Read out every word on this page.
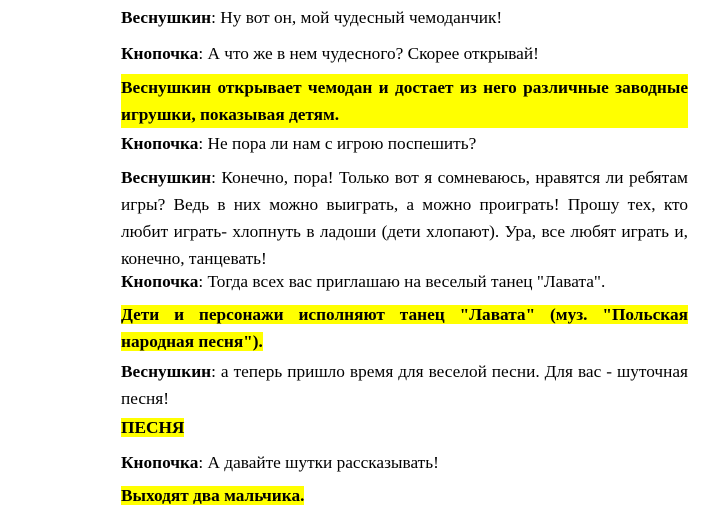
Веснушкин: Ну вот он, мой чудесный чемоданчик!

Кнопочка: А что же в нем чудесного? Скорее открывай!

Веснушкин открывает чемодан и достает из него различные заводные игрушки, показывая детям.

Кнопочка: Не пора ли нам с игрою поспешить?

Веснушкин: Конечно, пора! Только вот я сомневаюсь, нравятся ли ребятам игры? Ведь в них можно выиграть, а можно проиграть! Прошу тех, кто любит играть- хлопнуть в ладоши (дети хлопают). Ура, все любят играть и, конечно, танцевать!

Кнопочка: Тогда всех вас приглашаю на веселый танец "Лавата".

Дети и персонажи исполняют танец "Лавата" (муз. "Польская народная песня").

Веснушкин: а теперь пришло время для веселой песни. Для вас - шуточная песня!

ПЕСНЯ

Кнопочка: А давайте шутки рассказывать!

Выходят два мальчика.
